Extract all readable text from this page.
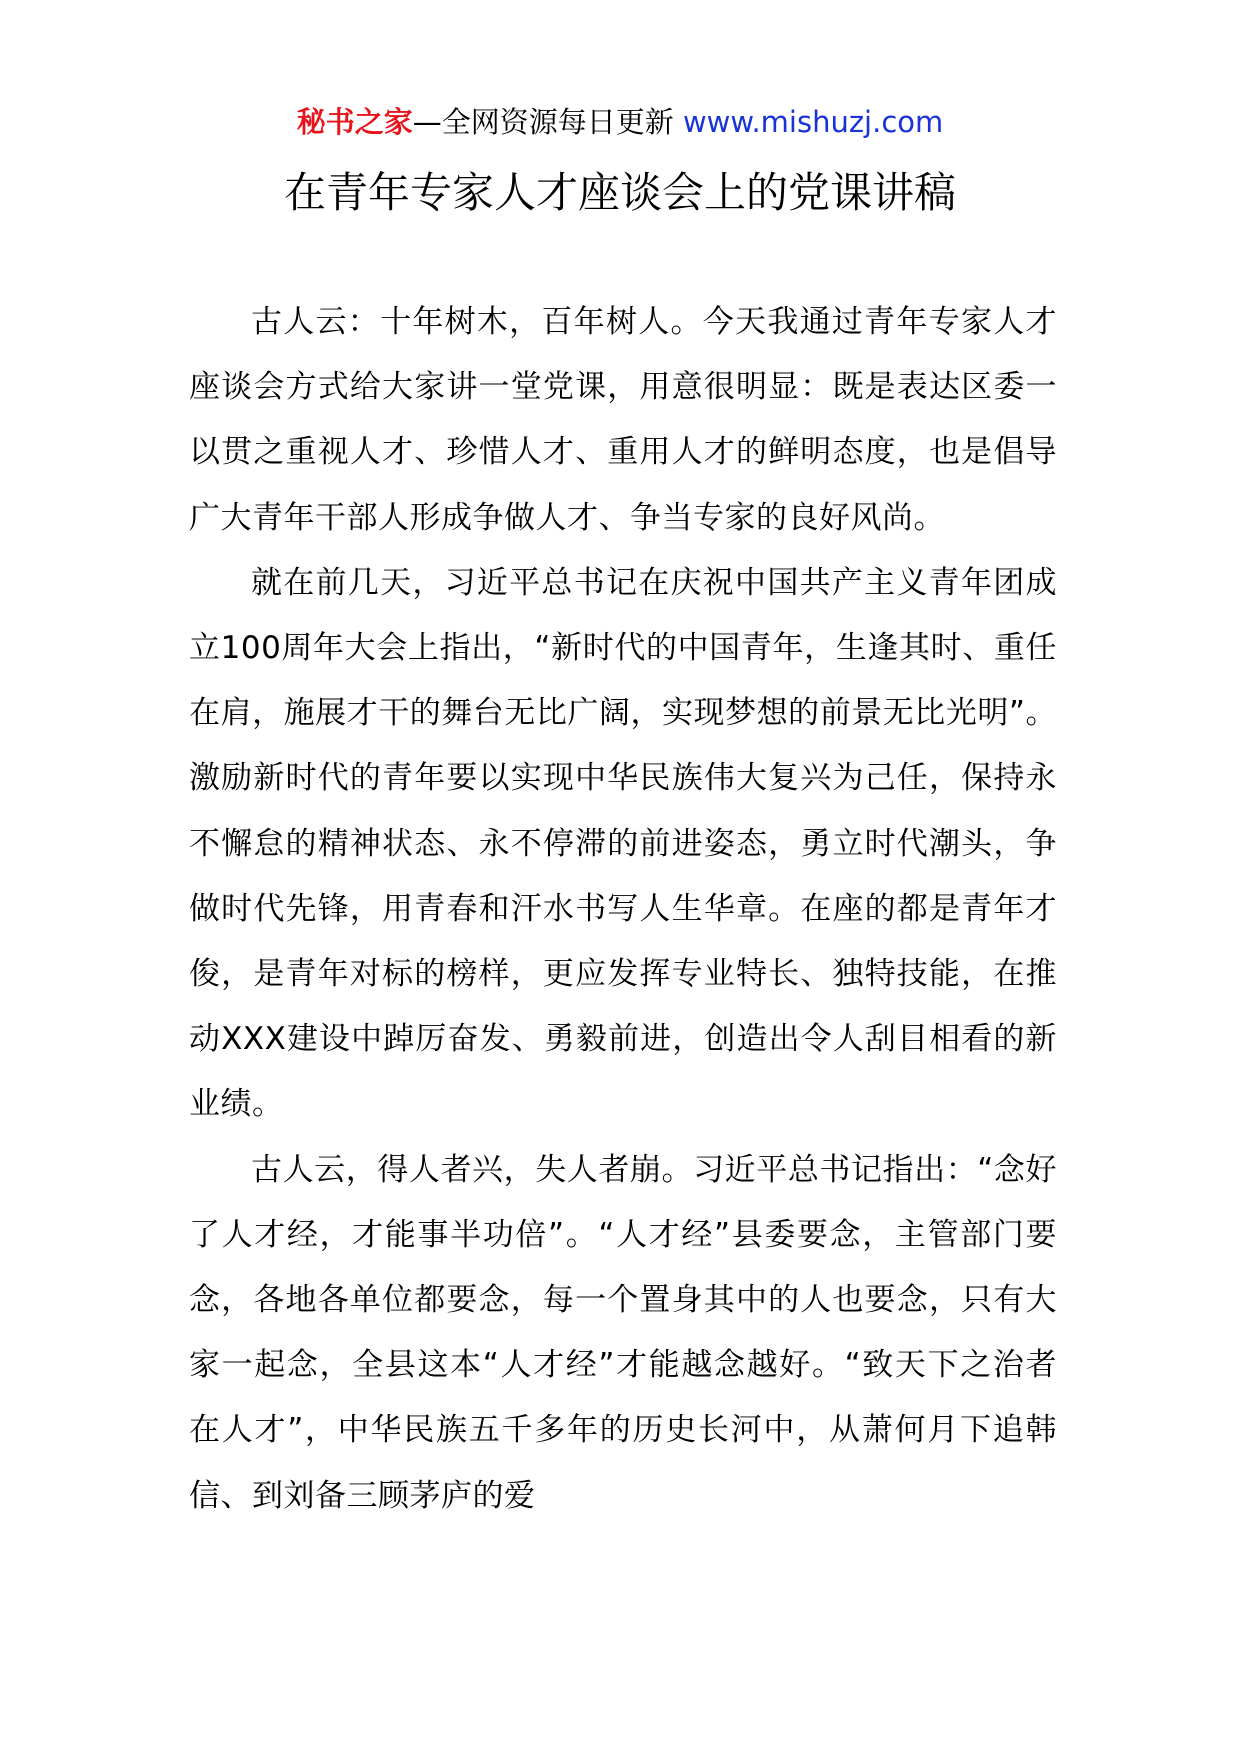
秘书之家—全网资源每日更新 www.mishuzj.com
在青年专家人才座谈会上的党课讲稿

古人云：十年树木，百年树人。今天我通过青年专家人才座谈会方式给大家讲一堂党课，用意很明显：既是表达区委一以贯之重视人才、珍惜人才、重用人才的鲜明态度，也是倡导广大青年干部人形成争做人才、争当专家的良好风尚。

就在前几天，习近平总书记在庆祝中国共产主义青年团成立100周年大会上指出，“新时代的中国青年，生逢其时、重任在肩，施展才干的舞台无比广阔，实现梦想的前景无比光明”。激励新时代的青年要以实现中华民族伟大复兴为己任，保持永不懈怠的精神状态、永不停滞的前进姿态，勇立时代潮头，争做时代先锋，用青春和汗水书写人生华章。在座的都是青年才俊，是青年对标的榜样，更应发挥专业特长、独特技能，在推动XXX建设中踔厉奋发、勇毅前进，创造出令人刮目相看的新业绩。

古人云，得人者兴，失人者崩。习近平总书记指出：“念好了人才经，才能事半功倍”。“人才经”县委要念，主管部门要念，各地各单位都要念，每一个置身其中的人也要念，只有大家一起念，全县这本“人才经”才能越念越好。“致天下之治者在人才”，中华民族五千多年的历史长河中，从萧何月下追韩信、到刘备三顾茅庐的爱
